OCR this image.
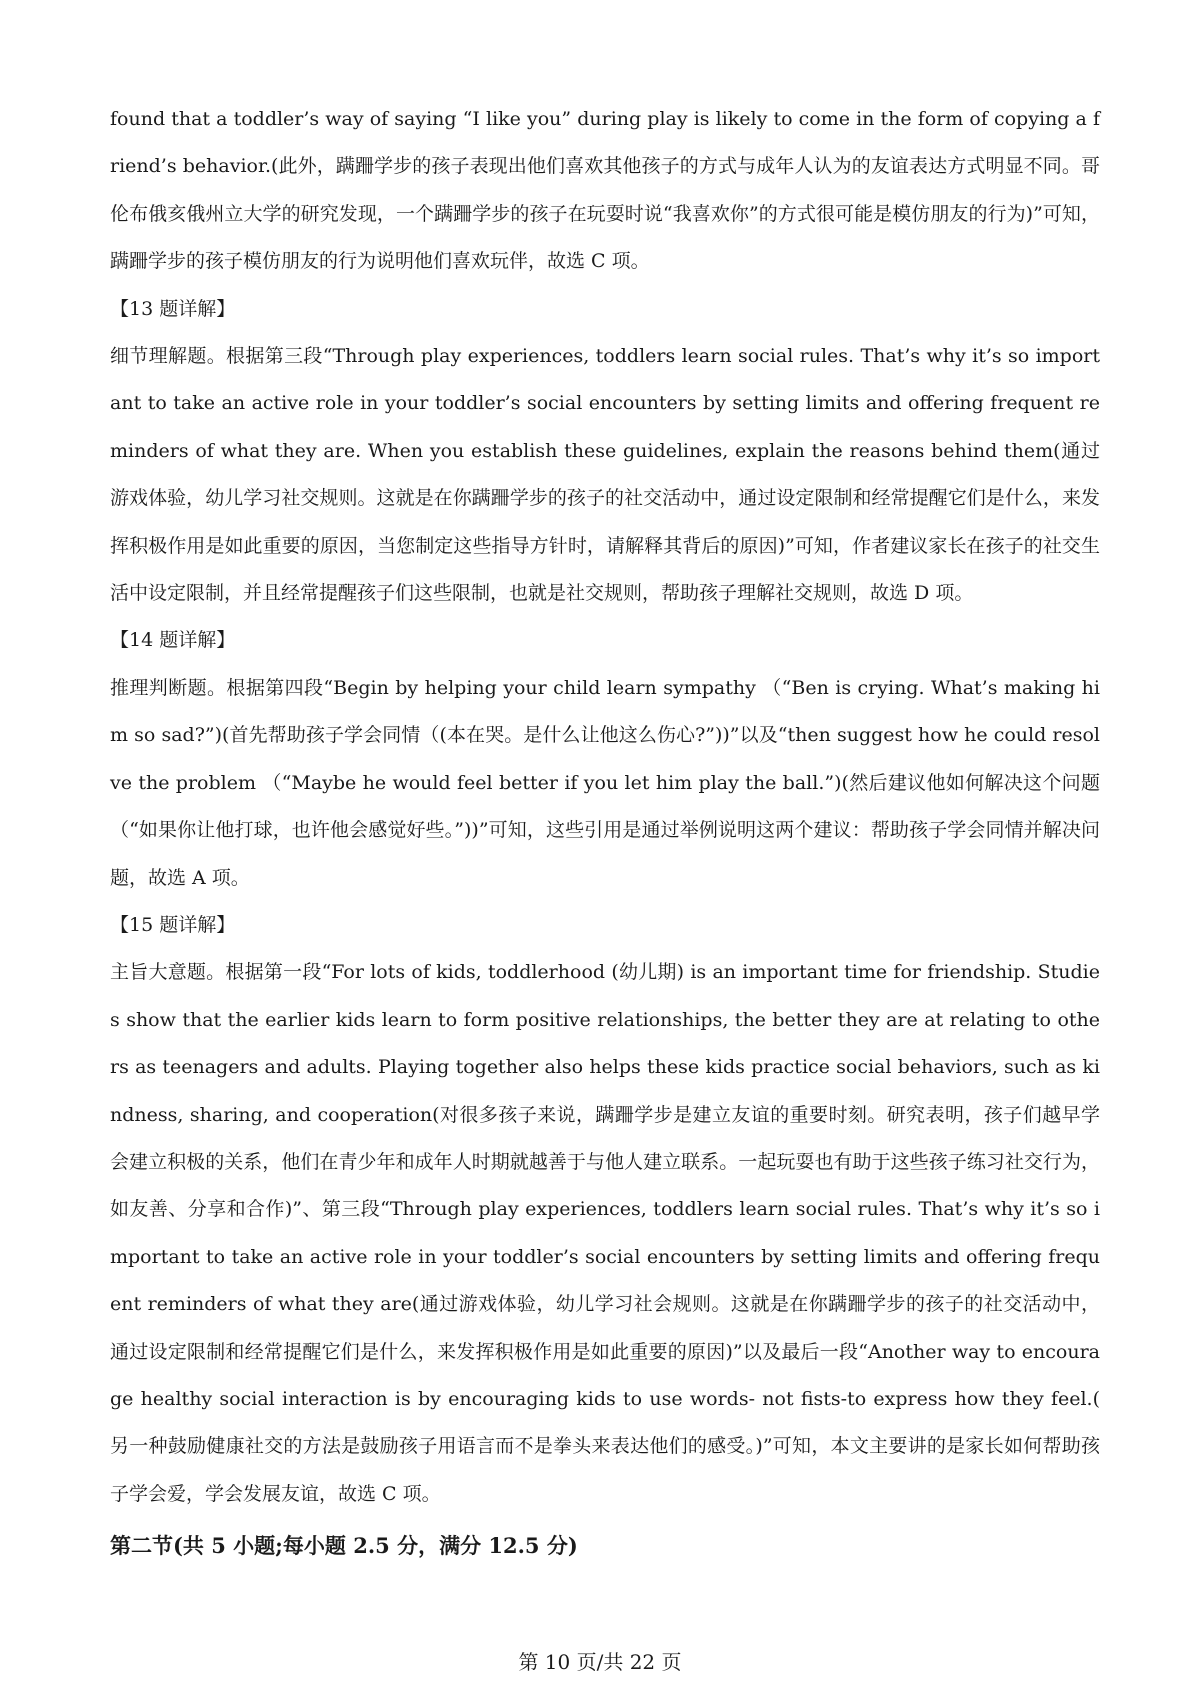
found that a toddler’s way of saying “I like you” during play is likely to come in the form of copying a friend’s behavior.(此外，蹒跚学步的孩子表现出他们喜欢其他孩子的方式与成年人认为的友谊表达方式明显不同。哥伦布俄亥俄州立大学的研究发现，一个蹒跚学步的孩子在玩耍时说“我喜欢你”的方式很可能是模仿朋友的行为)”可知，蹒跚学步的孩子模仿朋友的行为说明他们喜欢玩伴，故选 C 项。

【13 题详解】

细节理解题。根据第三段“Through play experiences, toddlers learn social rules. That’s why it’s so important to take an active role in your toddler’s social encounters by setting limits and offering frequent reminders of what they are. When you establish these guidelines, explain the reasons behind them(通过游戏体验，幼儿学习社交规则。这就是在你蹒跚学步的孩子的社交活动中，通过设定限制和经常提醒它们是什么，来发挥积极作用是如此重要的原因，当您制定这些指导方针时，请解释其背后的原因)”可知，作者建议家长在孩子的社交生活中设定限制，并且经常提醒孩子们这些限制，也就是社交规则，帮助孩子理解社交规则，故选 D 项。

【14 题详解】

推理判断题。根据第四段“Begin by helping your child learn sympathy （“Ben is crying. What’s making him so sad?”)(首先帮助孩子学会同情（(本在哭。是什么让他这么伤心?”))”以及“then suggest how he could resolve the problem （“Maybe he would feel better if you let him play the ball.”)(然后建议他如何解决这个问题（“如果你让他打球，也许他会感觉好些。”))”可知，这些引用是通过举例说明这两个建议：帮助孩子学会同情并解决问题，故选 A 项。

【15 题详解】

主旨大意题。根据第一段“For lots of kids, toddlerhood (幼儿期) is an important time for friendship. Studies show that the earlier kids learn to form positive relationships, the better they are at relating to others as teenagers and adults. Playing together also helps these kids practice social behaviors, such as kindness, sharing, and cooperation(对很多孩子来说，蹒跚学步是建立友谊的重要时刻。研究表明，孩子们越早学会建立积极的关系，他们在青少年和成年人时期就越善于与他人建立联系。一起玩耍也有助于这些孩子练习社交行为，如友善、分享和合作)”、第三段“Through play experiences, toddlers learn social rules. That’s why it’s so important to take an active role in your toddler’s social encounters by setting limits and offering frequent reminders of what they are(通过游戏体验，幼儿学习社会规则。这就是在你蹒跚学步的孩子的社交活动中，通过设定限制和经常提醒它们是什么，来发挥积极作用是如此重要的原因)”以及最后一段“Another way to encourage healthy social interaction is by encouraging kids to use words- not fists-to express how they feel.( 另一种鼓励健康社交的方法是鼓励孩子用语言而不是拳头来表达他们的感受。)”可知，本文主要讲的是家长如何帮助孩子学会爱，学会发展友谊，故选 C 项。

第二节(共 5 小题;每小题 2.5 分，满分 12.5 分)

第 10 页/共 22 页
